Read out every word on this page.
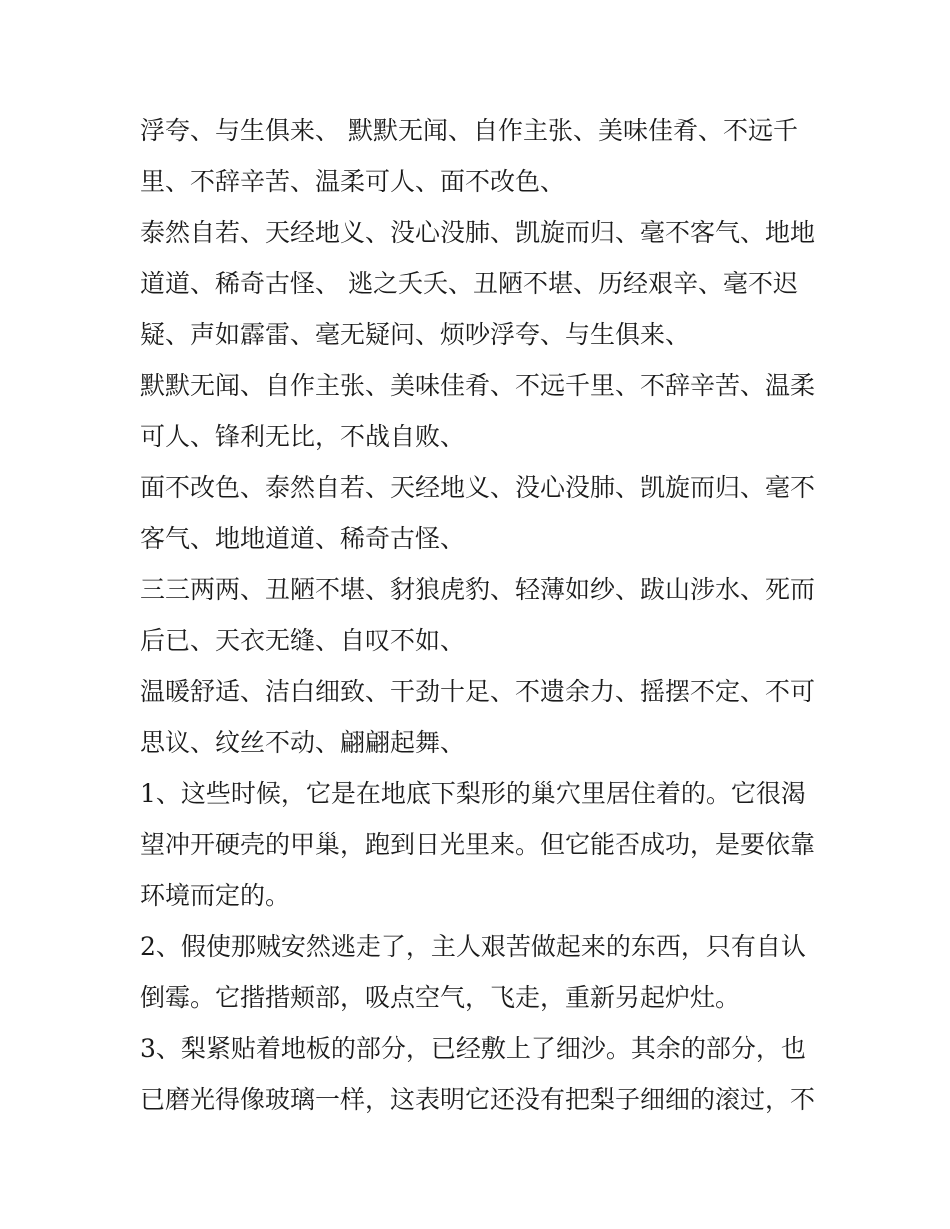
浮夸、与生俱来、 默默无闻、自作主张、美味佳肴、不远千里、不辞辛苦、温柔可人、面不改色、

泰然自若、天经地义、没心没肺、凯旋而归、毫不客气、地地道道、稀奇古怪、 逃之夭夭、丑陋不堪、历经艰辛、毫不迟疑、声如霹雷、毫无疑问、烦吵浮夸、与生俱来、

默默无闻、自作主张、美味佳肴、不远千里、不辞辛苦、温柔可人、锋利无比，不战自败、

面不改色、泰然自若、天经地义、没心没肺、凯旋而归、毫不客气、地地道道、稀奇古怪、

三三两两、丑陋不堪、豺狼虎豹、轻薄如纱、跋山涉水、死而后已、天衣无缝、自叹不如、

温暖舒适、洁白细致、干劲十足、不遗余力、摇摆不定、不可思议、纹丝不动、翩翩起舞、

1、这些时候，它是在地底下梨形的巢穴里居住着的。它很渴望冲开硬壳的甲巢，跑到日光里来。但它能否成功，是要依靠环境而定的。

2、假使那贼安然逃走了，主人艰苦做起来的东西，只有自认倒霉。它揩揩颊部，吸点空气，飞走，重新另起炉灶。

3、梨紧贴着地板的部分，已经敷上了细沙。其余的部分，也已磨光得像玻璃一样，这表明它还没有把梨子细细的滚过，不
